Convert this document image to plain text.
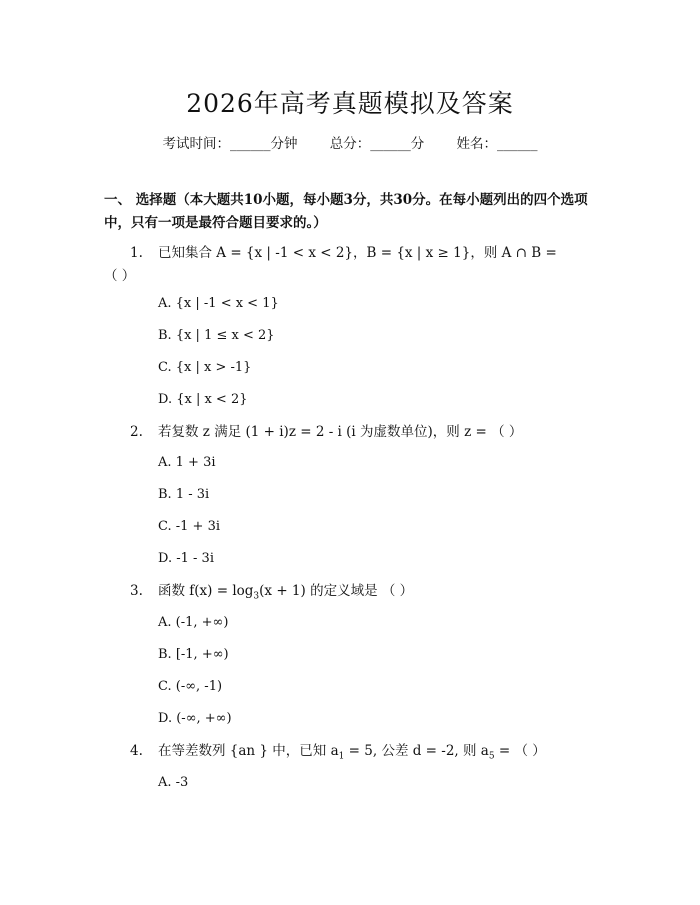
2026年高考真题模拟及答案
考试时间：______分钟 总分：______分 姓名：______
一、 选择题（本大题共10小题，每小题3分，共30分。在每小题列出的四个选项中，只有一项是最符合题目要求的。）
1. 已知集合 A = {x | -1 < x < 2}，B = {x | x ≥ 1}，则 A ∩ B = （ ）
A. {x | -1 < x < 1}
B. {x | 1 ≤ x < 2}
C. {x | x > -1}
D. {x | x < 2}
2. 若复数 z 满足 (1 + i)z = 2 - i (i 为虚数单位)，则 z = （ ）
A. 1 + 3i
B. 1 - 3i
C. -1 + 3i
D. -1 - 3i
3. 函数 $f(x) = \log_3(x + 1)$ 的定义域是 （ ）
A. (-1, +∞)
B. [-1, +∞)
C. (-∞, -1)
D. (-∞, +∞)
4. 在等差数列 {an } 中，已知 $a_1 = 5$, 公差 d = -2, 则 $a_5$ = （ ）
A. -3
